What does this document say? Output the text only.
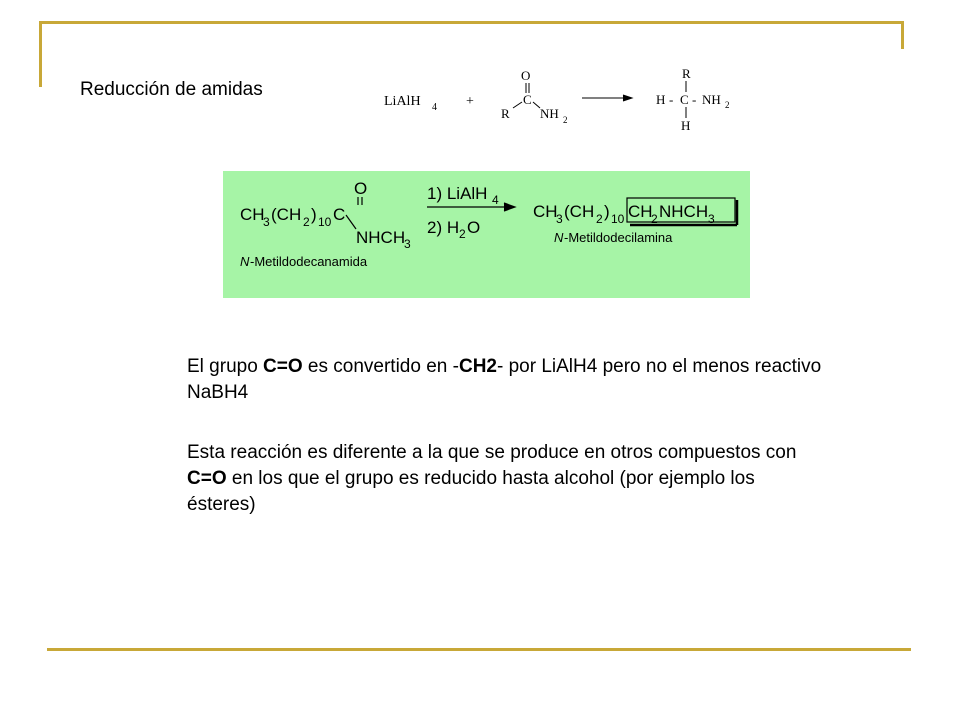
Reducción de amidas
LiAlH 4 +
O
C
R NH 2
R
H - C - NH 2
H
O
CH
3 (CH 2 ) 10 C
NHCH
3
N -Metildodecanamida
1) LiAlH 4
2) H 2 O
CH
3 (CH 2 ) 10 CH
2 NHCH 3
N -Metildodecilamina
El grupo C=O es convertido en -CH2- por LiAlH4 pero no el menos reactivo NaBH4
Esta reacción es diferente a la que se produce en otros compuestos con C=O en los que el grupo es reducido hasta alcohol (por ejemplo los ésteres)
